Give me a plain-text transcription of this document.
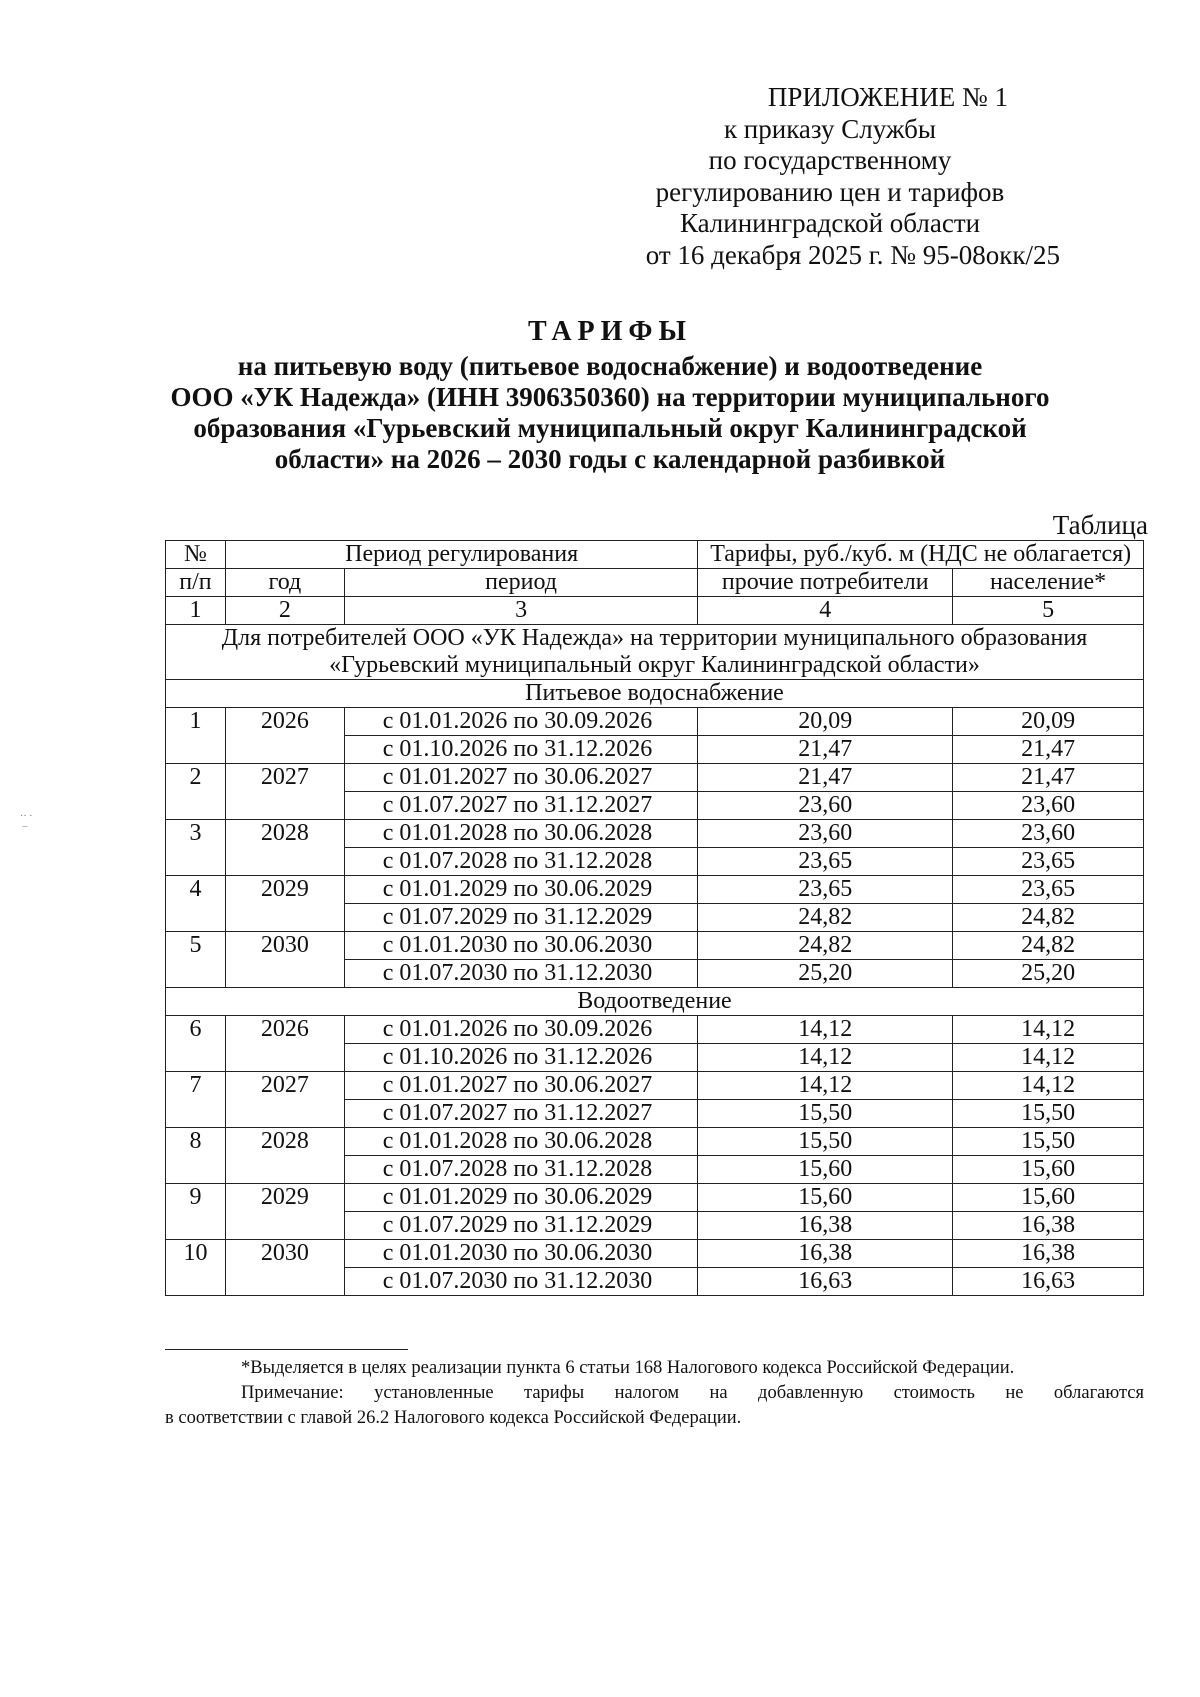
ПРИЛОЖЕНИЕ № 1
к приказу Службы
по государственному
регулированию цен и тарифов
Калининградской области
от 16 декабря 2025 г. № 95-08окк/25
ТАРИФЫ
на питьевую воду (питьевое водоснабжение) и водоотведение
ООО «УК Надежда» (ИНН 3906350360) на территории муниципального
образования «Гурьевский муниципальный округ Калининградской
области» на 2026 – 2030 годы с календарной разбивкой
Таблица
№	Период регулирования		Тарифы, руб./куб. м (НДС не облагается)	
п/п	год	период	прочие потребители	население*
1	2	3	4	5

Для потребителей ООО «УК Надежда» на территории муниципального образования
«Гурьевский муниципальный округ Калининградской области»				

Питьевое водоснабжение				
1	2026	с 01.01.2026 по 30.09.2026	20,09	20,09
		с 01.10.2026 по 31.12.2026	21,47	21,47
2	2027	с 01.01.2027 по 30.06.2027	21,47	21,47
		с 01.07.2027 по 31.12.2027	23,60	23,60
3	2028	с 01.01.2028 по 30.06.2028	23,60	23,60
		с 01.07.2028 по 31.12.2028	23,65	23,65
4	2029	с 01.01.2029 по 30.06.2029	23,65	23,65
		с 01.07.2029 по 31.12.2029	24,82	24,82
5	2030	с 01.01.2030 по 30.06.2030	24,82	24,82
		с 01.07.2030 по 31.12.2030	25,20	25,20
Водоотведение				
6	2026	с 01.01.2026 по 30.09.2026	14,12	14,12
		с 01.10.2026 по 31.12.2026	14,12	14,12
7	2027	с 01.01.2027 по 30.06.2027	14,12	14,12
		с 01.07.2027 по 31.12.2027	15,50	15,50
8	2028	с 01.01.2028 по 30.06.2028	15,50	15,50
		с 01.07.2028 по 31.12.2028	15,60	15,60
9	2029	с 01.01.2029 по 30.06.2029	15,60	15,60
		с 01.07.2029 по 31.12.2029	16,38	16,38
10	2030	с 01.01.2030 по 30.06.2030	16,38	16,38
		с 01.07.2030 по 31.12.2030	16,63	16,63

*Выделяется в целях реализации пункта 6 статьи 168 Налогового кодекса Российской Федерации.

Примечание: установленные тарифы налогом на добавленную стоимость не облагаются

в соответствии с главой 26.2 Налогового кодекса Российской Федерации.

·· ·
–
